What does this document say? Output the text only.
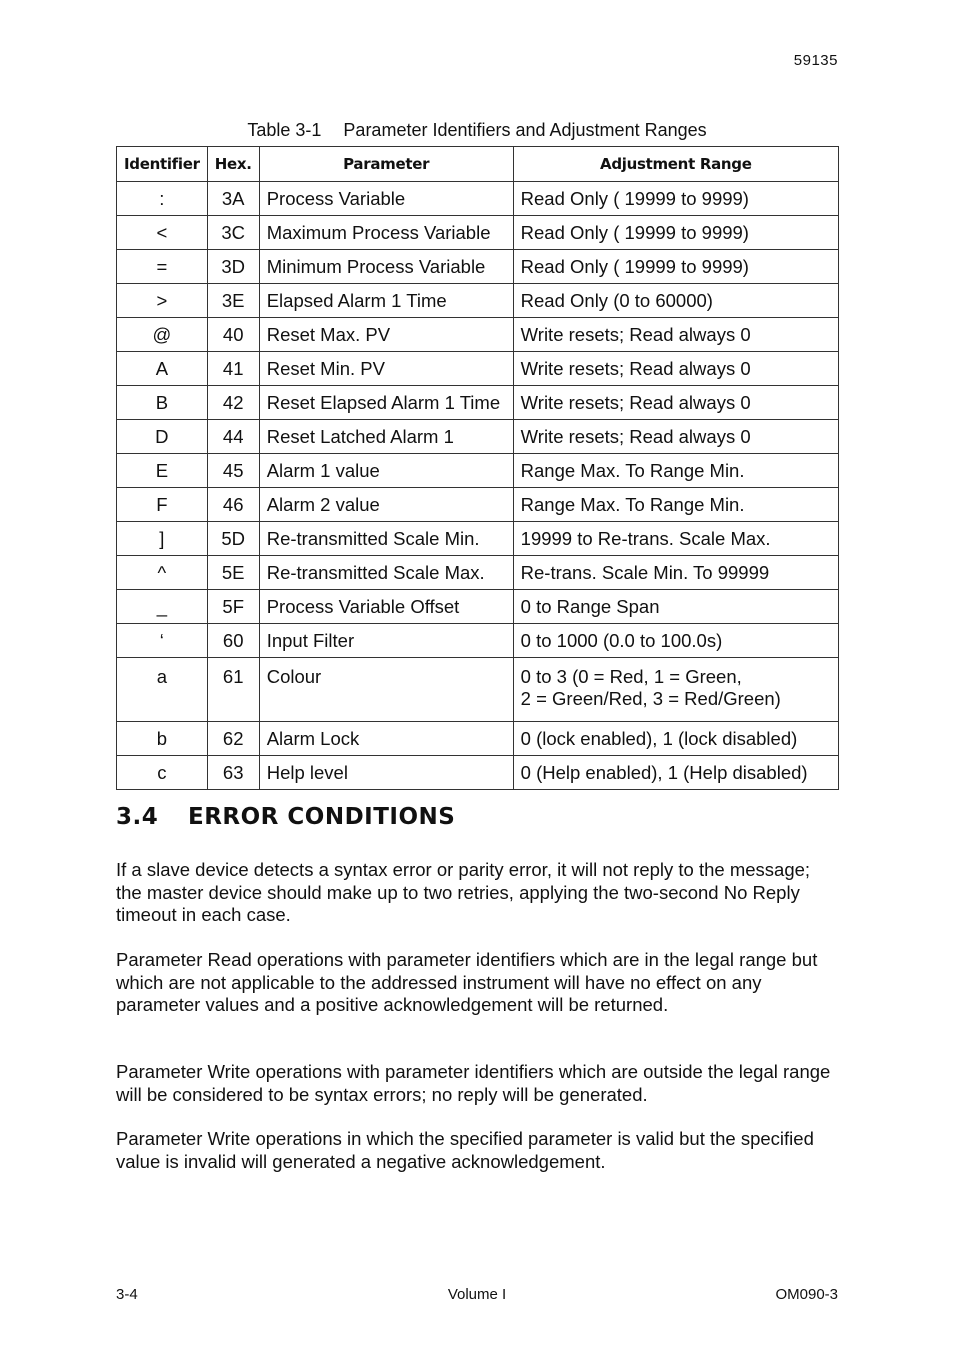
59135
Table 3-1 Parameter Identifiers and Adjustment Ranges
Identifier	Hex.	Parameter	Adjustment Range
:	3A	Process Variable	Read Only ( 19999 to 9999)
<	3C	Maximum Process Variable	Read Only ( 19999 to 9999)
=	3D	Minimum Process Variable	Read Only ( 19999 to 9999)
>	3E	Elapsed Alarm 1 Time	Read Only (0 to 60000)
@	40	Reset Max. PV	Write resets; Read always 0
A	41	Reset Min. PV	Write resets; Read always 0
B	42	Reset Elapsed Alarm 1 Time	Write resets; Read always 0
D	44	Reset Latched Alarm 1	Write resets; Read always 0
E	45	Alarm 1 value	Range Max. To Range Min.
F	46	Alarm 2 value	Range Max. To Range Min.
]	5D	Re-transmitted Scale Min.	19999 to Re-trans. Scale Max.
^	5E	Re-transmitted Scale Max.	Re-trans. Scale Min. To 99999
_	5F	Process Variable Offset	0 to Range Span
‘	60	Input Filter	0 to 1000 (0.0 to 100.0s)
a	61	Colour	0 to 3 (0 = Red, 1 = Green,
2 = Green/Red, 3 = Red/Green)
b	62	Alarm Lock	0 (lock enabled), 1 (lock disabled)
c	63	Help level	0 (Help enabled), 1 (Help disabled)
3.4 ERROR CONDITIONS

If a slave device detects a syntax error or parity error, it will not reply to the message; the master device should make up to two retries, applying the two-second No Reply timeout in each case.

Parameter Read operations with parameter identifiers which are in the legal range but which are not applicable to the addressed instrument will have no effect on any parameter values and a positive acknowledgement will be returned.

Parameter Write operations with parameter identifiers which are outside the legal range will be considered to be syntax errors; no reply will be generated.

Parameter Write operations in which the specified parameter is valid but the specified value is invalid will generated a negative acknowledgement.

3-4	Volume I	OM090-3
